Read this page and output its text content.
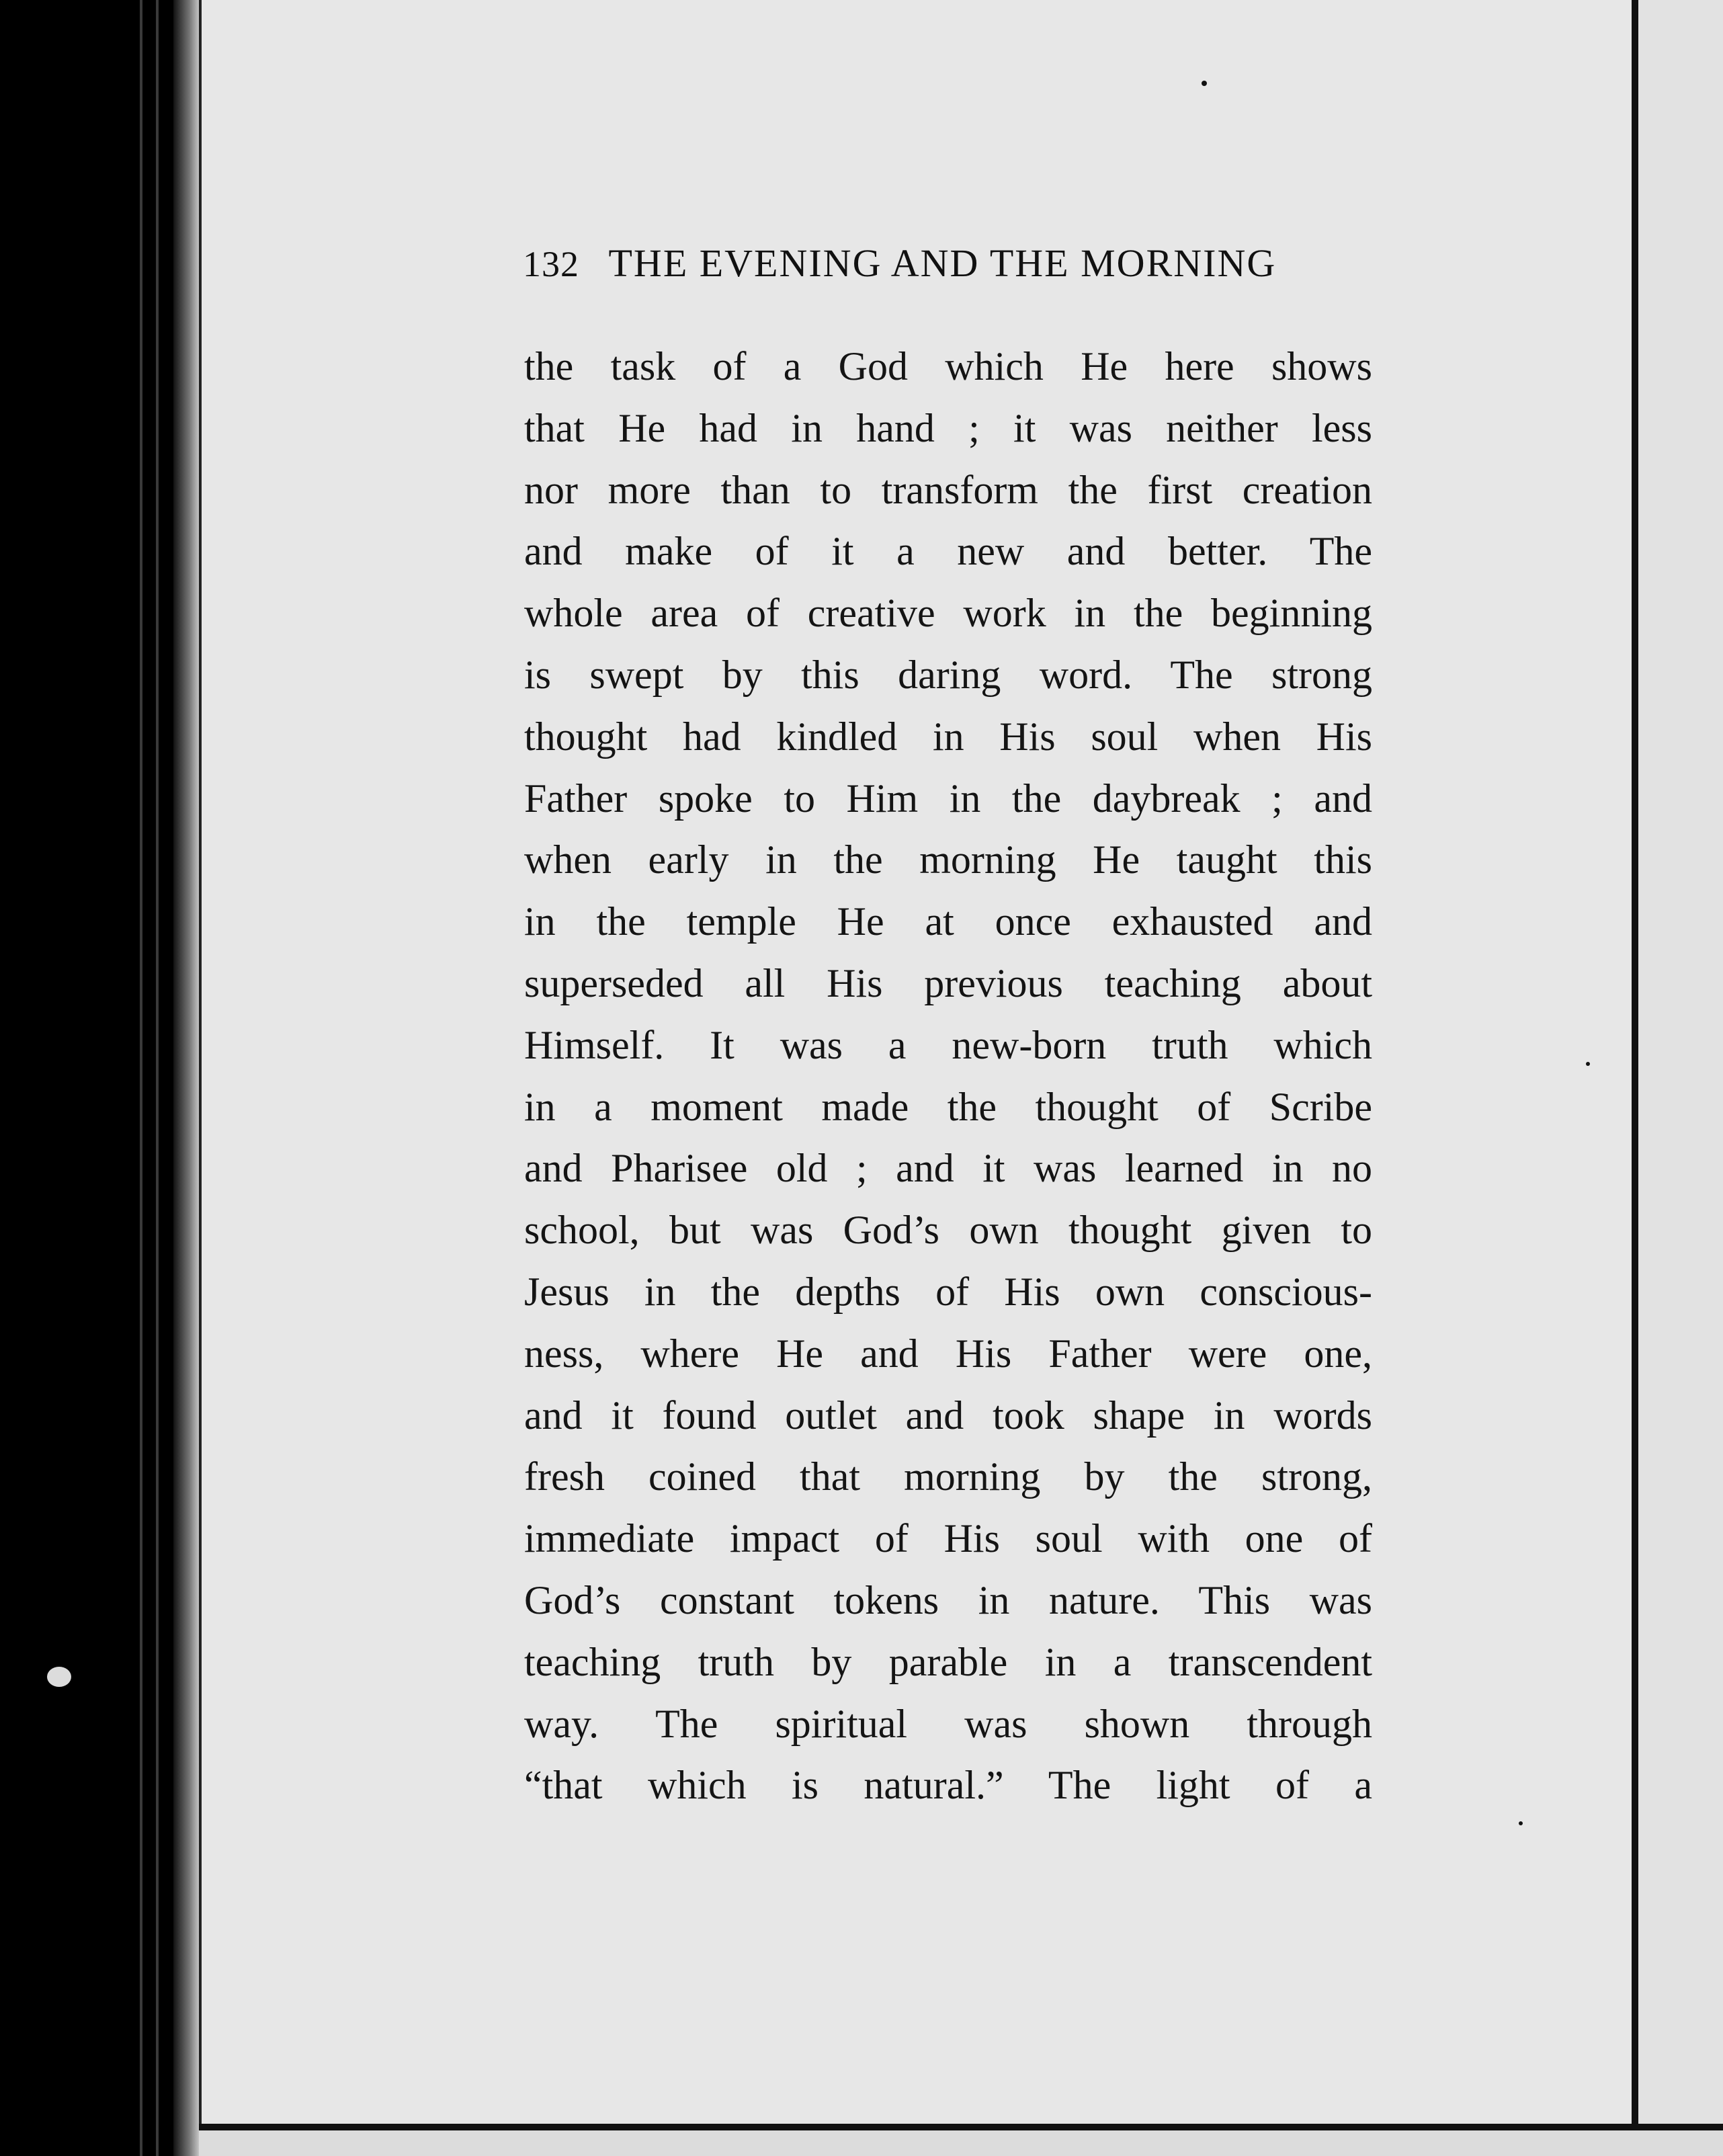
132 THE EVENING AND THE MORNING
the task of a God which He here shows
that He had in hand ; it was neither less
nor more than to transform the first creation
and make of it a new and better. The
whole area of creative work in the beginning
is swept by this daring word. The strong
thought had kindled in His soul when His
Father spoke to Him in the daybreak ; and
when early in the morning He taught this
in the temple He at once exhausted and
superseded all His previous teaching about
Himself. It was a new-born truth which
in a moment made the thought of Scribe
and Pharisee old ; and it was learned in no
school, but was God’s own thought given to
Jesus in the depths of His own conscious-
ness, where He and His Father were one,
and it found outlet and took shape in words
fresh coined that morning by the strong,
immediate impact of His soul with one of
God’s constant tokens in nature. This was
teaching truth by parable in a transcendent
way. The spiritual was shown through
“that which is natural.” The light of a
